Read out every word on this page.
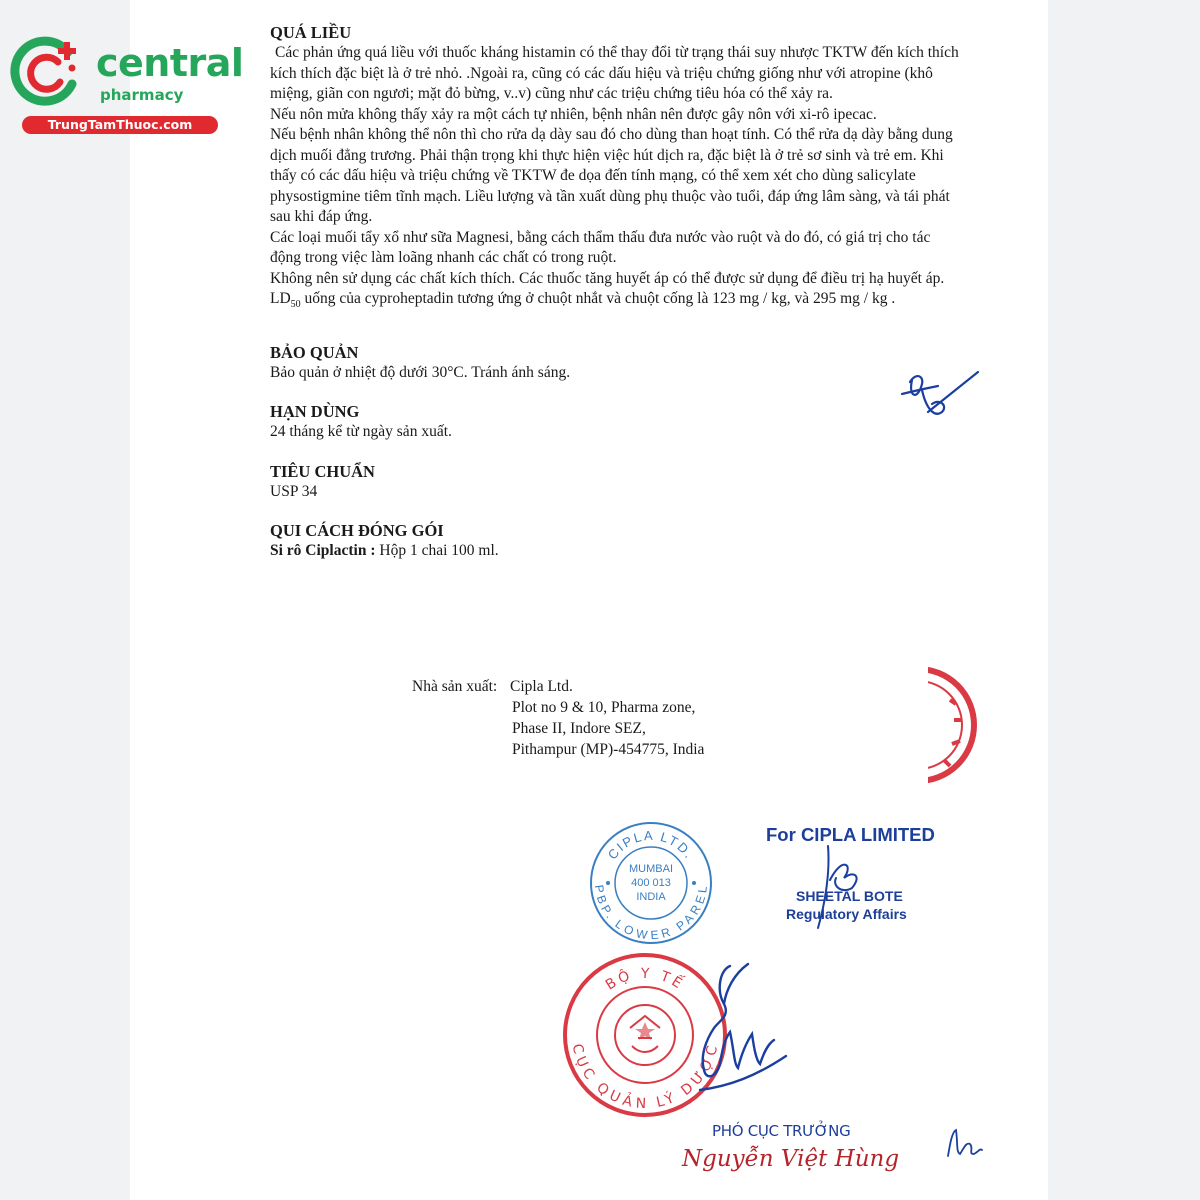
central
pharmacy
TrungTamThuoc.com
QUÁ LIỀU

Các phản ứng quá liều với thuốc kháng histamin có thể thay đổi từ trạng thái suy nhược TKTW đến kích thích kích thích đặc biệt là ở trẻ nhỏ. .Ngoài ra, cũng có các dấu hiệu và triệu chứng giống như với atropine (khô miệng, giãn con ngươi; mặt đỏ bừng, v..v) cũng như các triệu chứng tiêu hóa có thể xảy ra.

Nếu nôn mửa không thấy xảy ra một cách tự nhiên, bệnh nhân nên được gây nôn với xi-rô ipecac.

Nếu bệnh nhân không thể nôn thì cho rửa dạ dày sau đó cho dùng than hoạt tính. Có thể rửa dạ dày bằng dung dịch muối đẳng trương. Phải thận trọng khi thực hiện việc hút dịch ra, đặc biệt là ở trẻ sơ sinh và trẻ em. Khi thấy có các dấu hiệu và triệu chứng về TKTW đe dọa đến tính mạng, có thể xem xét cho dùng salicylate physostigmine tiêm tĩnh mạch. Liều lượng và tần xuất dùng phụ thuộc vào tuổi, đáp ứng lâm sàng, và tái phát sau khi đáp ứng.

Các loại muối tẩy xổ như sữa Magnesi, bằng cách thẩm thấu đưa nước vào ruột và do đó, có giá trị cho tác động trong việc làm loãng nhanh các chất có trong ruột.

Không nên sử dụng các chất kích thích. Các thuốc tăng huyết áp có thể được sử dụng để điều trị hạ huyết áp.

$LD_{50}$ uống của cyproheptadin tương ứng ở chuột nhắt và chuột cống là 123 mg / kg, và 295 mg / kg .

BẢO QUẢN

Bảo quản ở nhiệt độ dưới 30°C. Tránh ánh sáng.

HẠN DÙNG

24 tháng kể từ ngày sản xuất.

TIÊU CHUẨN

USP 34

QUI CÁCH ĐÓNG GÓI

Si rô Ciplactin : Hộp 1 chai 100 ml.

Nhà sản xuất: Cipla Ltd.
Plot no 9 & 10, Pharma zone,
Phase II, Indore SEZ,
Pithampur (MP)-454775, India
CIPLA LTD.
PBP. LOWER PAREL
MUMBAI
400 013
INDIA
For CIPLA LIMITED
SHEETAL BOTE
Regulatory Affairs
BỘ Y TẾ
CỤC QUẢN LÝ DƯỢC
PHÓ CỤC TRƯỞNG
Nguyễn Việt Hùng
